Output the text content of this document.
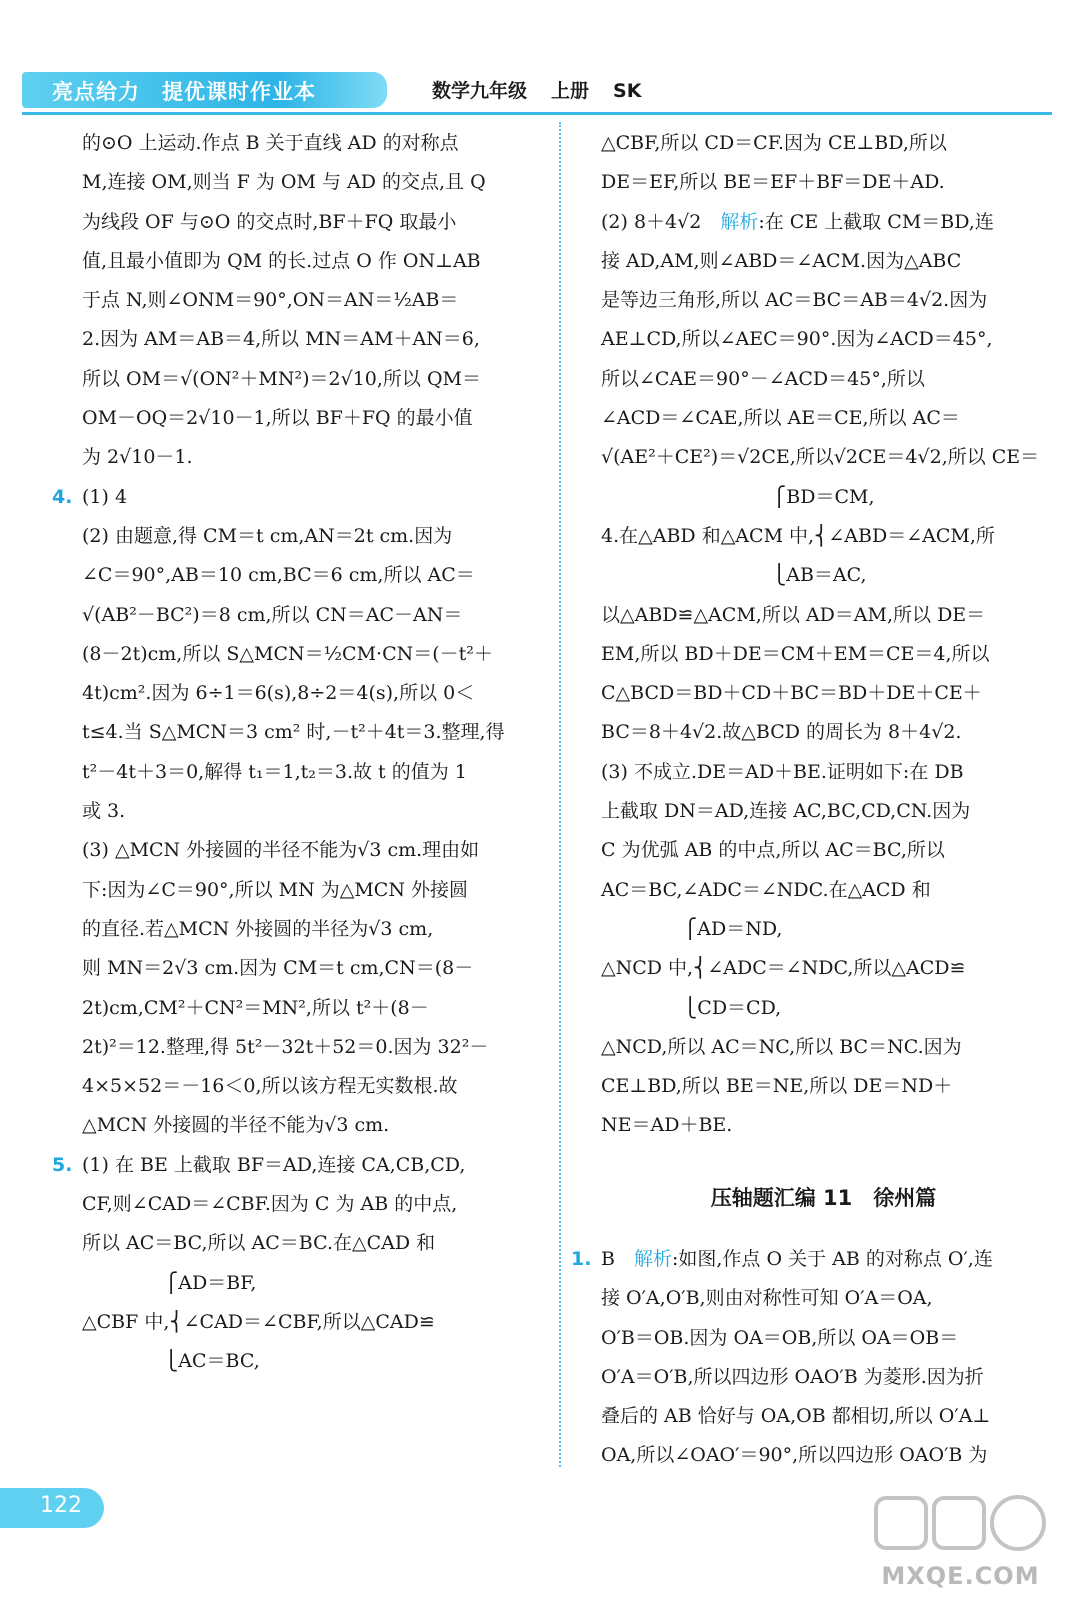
亮点给力 提优课时作业本	数学九年级 上册 SK

的⊙O 上运动.作点 B 关于直线 AD 的对称点

M,连接 OM,则当 F 为 OM 与 AD 的交点,且 Q

为线段 OF 与⊙O 的交点时,BF＋FQ 取最小

值,且最小值即为 QM 的长.过点 O 作 ON⊥AB

于点 N,则∠ONM＝90°,ON＝AN＝½AB＝

2.因为 AM＝AB＝4,所以 MN＝AM＋AN＝6,

所以 OM＝√(ON²＋MN²)＝2√10,所以 QM＝

OM－OQ＝2√10－1,所以 BF＋FQ 的最小值

为 2√10－1.

4. (1) 4

(2) 由题意,得 CM＝t cm,AN＝2t cm.因为

∠C＝90°,AB＝10 cm,BC＝6 cm,所以 AC＝

√(AB²－BC²)＝8 cm,所以 CN＝AC－AN＝

(8－2t)cm,所以 S△MCN＝½CM·CN＝(－t²＋

4t)cm².因为 6÷1＝6(s),8÷2＝4(s),所以 0＜

t≤4.当 S△MCN＝3 cm² 时,－t²＋4t＝3.整理,得

t²－4t＋3＝0,解得 t₁＝1,t₂＝3.故 t 的值为 1

或 3.

(3) △MCN 外接圆的半径不能为√3 cm.理由如

下:因为∠C＝90°,所以 MN 为△MCN 外接圆

的直径.若△MCN 外接圆的半径为√3 cm,

则 MN＝2√3 cm.因为 CM＝t cm,CN＝(8－

2t)cm,CM²＋CN²＝MN²,所以 t²＋(8－

2t)²＝12.整理,得 5t²－32t＋52＝0.因为 32²－

4×5×52＝－16＜0,所以该方程无实数根.故

△MCN 外接圆的半径不能为√3 cm.

5. (1) 在 BE 上截取 BF＝AD,连接 CA,CB,CD,

CF,则∠CAD＝∠CBF.因为 C 为 AB 的中点,

所以 AC＝BC,所以 AC＝BC.在△CAD 和

　　　　 ⎧AD＝BF,

△CBF 中,⎨∠CAD＝∠CBF,所以△CAD≌

　　　　 ⎩AC＝BC,

△CBF,所以 CD＝CF.因为 CE⊥BD,所以

DE＝EF,所以 BE＝EF＋BF＝DE＋AD.

(2) 8＋4√2　 解析:在 CE 上截取 CM＝BD,连

接 AD,AM,则∠ABD＝∠ACM.因为△ABC

是等边三角形,所以 AC＝BC＝AB＝4√2.因为

AE⊥CD,所以∠AEC＝90°.因为∠ACD＝45°,

所以∠CAE＝90°－∠ACD＝45°,所以

∠ACD＝∠CAE,所以 AE＝CE,所以 AC＝

√(AE²＋CE²)＝√2CE,所以√2CE＝4√2,所以 CE＝

　　　　　　　　　⎧BD＝CM,

4.在△ABD 和△ACM 中,⎨∠ABD＝∠ACM,所

　　　　　　　　　⎩AB＝AC,

以△ABD≌△ACM,所以 AD＝AM,所以 DE＝

EM,所以 BD＋DE＝CM＋EM＝CE＝4,所以

C△BCD＝BD＋CD＋BC＝BD＋DE＋CE＋

BC＝8＋4√2.故△BCD 的周长为 8＋4√2.

(3) 不成立.DE＝AD＋BE.证明如下:在 DB

上截取 DN＝AD,连接 AC,BC,CD,CN.因为

C 为优弧 AB 的中点,所以 AC＝BC,所以

AC＝BC,∠ADC＝∠NDC.在△ACD 和

　　　　 ⎧AD＝ND,

△NCD 中,⎨∠ADC＝∠NDC,所以△ACD≌

　　　　 ⎩CD＝CD,

△NCD,所以 AC＝NC,所以 BC＝NC.因为

CE⊥BD,所以 BE＝NE,所以 DE＝ND＋

NE＝AD＋BE.

压轴题汇编 11　徐州篇

1. B　解析:如图,作点 O 关于 AB 的对称点 O′,连

接 O′A,O′B,则由对称性可知 O′A＝OA,

O′B＝OB.因为 OA＝OB,所以 OA＝OB＝

O′A＝O′B,所以四边形 OAO′B 为菱形.因为折

叠后的 AB 恰好与 OA,OB 都相切,所以 O′A⊥

OA,所以∠OAO′＝90°,所以四边形 OAO′B 为

122
MXQE.COM
